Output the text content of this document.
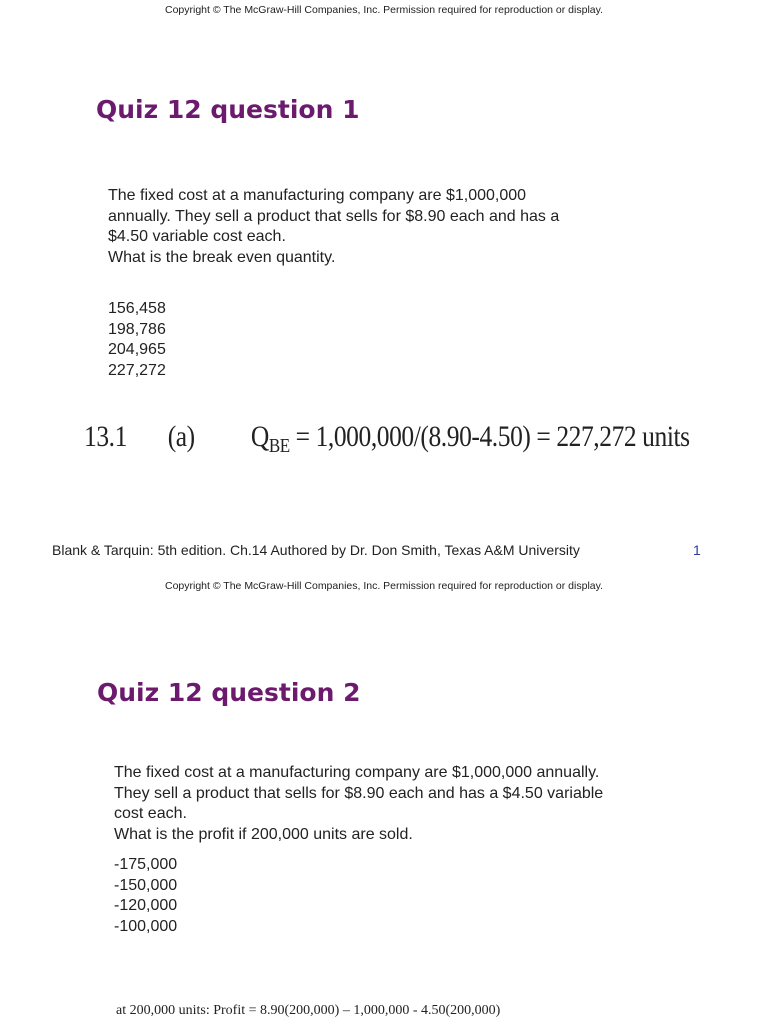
Copyright © The McGraw-Hill Companies, Inc. Permission required for reproduction or display.
Quiz 12 question 1
The fixed cost at a manufacturing company are $1,000,000
annually. They sell a product that sells for $8.90 each and has a
$4.50 variable cost each.
What is the break even quantity.
156,458
198,786
204,965
227,272
13.1 (a) $Q_{BE} = 1,000,000/(8.90-4.50) = 227,272$ units
Blank & Tarquin: 5th edition. Ch.14 Authored by Dr. Don Smith, Texas A&M University	1
Copyright © The McGraw-Hill Companies, Inc. Permission required for reproduction or display.
Quiz 12 question 2
The fixed cost at a manufacturing company are $1,000,000 annually.
They sell a product that sells for $8.90 each and has a $4.50 variable
cost each.
What is the profit if 200,000 units are sold.
-175,000
-150,000
-120,000
-100,000
at 200,000 units: Profit = 8.90(200,000) – 1,000,000 - 4.50(200,000)
